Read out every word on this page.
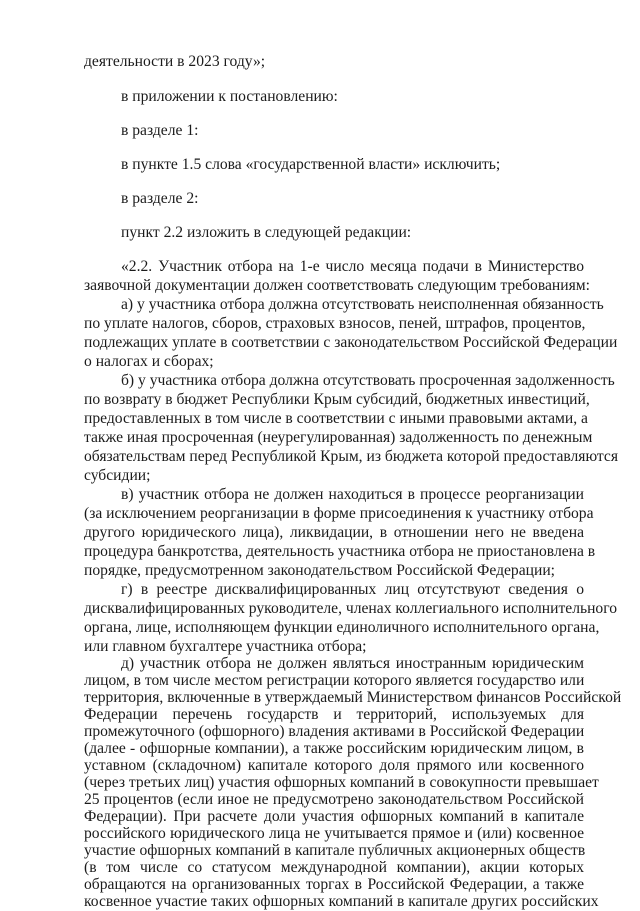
деятельности в 2023 году»;

в приложении к постановлению:

в разделе 1:

в пункте 1.5 слова «государственной власти» исключить;

в разделе 2:

пункт 2.2 изложить в следующей редакции:

«2.2. Участник отбора на 1-е число месяца подачи в Министерство

заявочной документации должен соответствовать следующим требованиям:

а) у участника отбора должна отсутствовать неисполненная обязанность

по уплате налогов, сборов, страховых взносов, пеней, штрафов, процентов,

подлежащих уплате в соответствии с законодательством Российской Федерации

о налогах и сборах;

б) у участника отбора должна отсутствовать просроченная задолженность

по возврату в бюджет Республики Крым субсидий, бюджетных инвестиций,

предоставленных в том числе в соответствии с иными правовыми актами, а

также иная просроченная (неурегулированная) задолженность по денежным

обязательствам перед Республикой Крым, из бюджета которой предоставляются

субсидии;

в) участник отбора не должен находиться в процессе реорганизации

(за исключением реорганизации в форме присоединения к участнику отбора

другого юридического лица), ликвидации, в отношении него не введена

процедура банкротства, деятельность участника отбора не приостановлена в

порядке, предусмотренном законодательством Российской Федерации;

г) в реестре дисквалифицированных лиц отсутствуют сведения о

дисквалифицированных руководителе, членах коллегиального исполнительного

органа, лице, исполняющем функции единоличного исполнительного органа,

или главном бухгалтере участника отбора;

д) участник отбора не должен являться иностранным юридическим

лицом, в том числе местом регистрации которого является государство или

территория, включенные в утверждаемый Министерством финансов Российской

Федерации перечень государств и территорий, используемых для

промежуточного (офшорного) владения активами в Российской Федерации

(далее - офшорные компании), а также российским юридическим лицом, в

уставном (складочном) капитале которого доля прямого или косвенного

(через третьих лиц) участия офшорных компаний в совокупности превышает

25 процентов (если иное не предусмотрено законодательством Российской

Федерации). При расчете доли участия офшорных компаний в капитале

российского юридического лица не учитывается прямое и (или) косвенное

участие офшорных компаний в капитале публичных акционерных обществ

(в том числе со статусом международной компании), акции которых

обращаются на организованных торгах в Российской Федерации, а также

косвенное участие таких офшорных компаний в капитале других российских
